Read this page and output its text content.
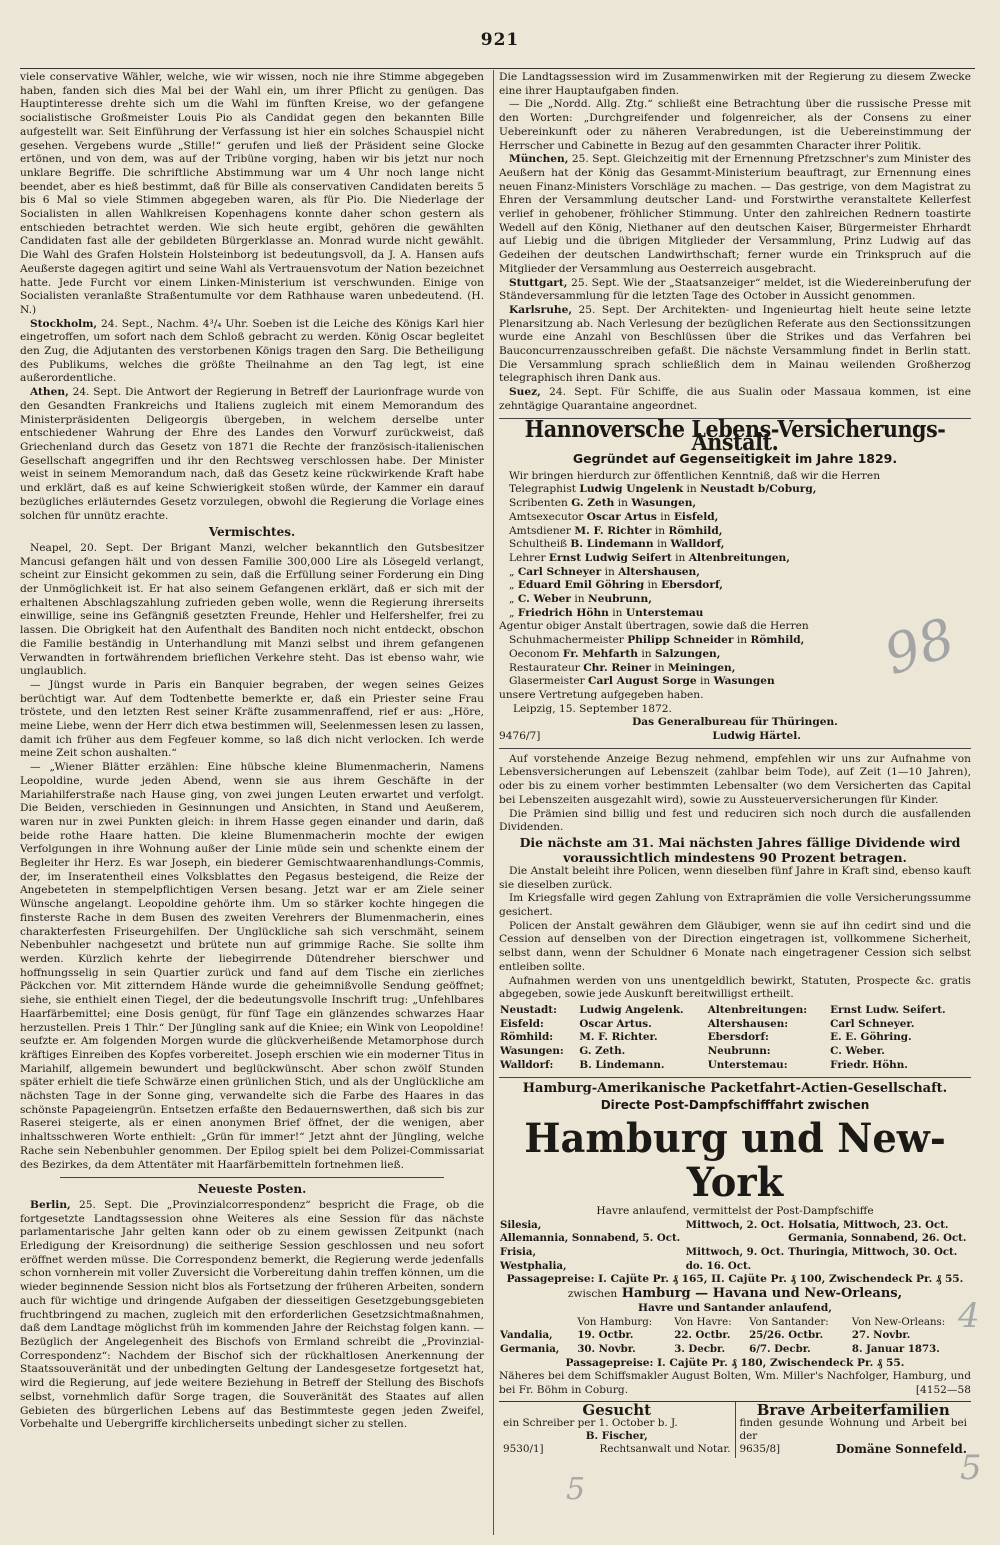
921

viele conservative Wähler, welche, wie wir wissen, noch nie ihre Stimme abgegeben haben, fanden sich dies Mal bei der Wahl ein, um ihrer Pflicht zu genügen. Das Hauptinteresse drehte sich um die Wahl im fünften Kreise, wo der gefangene socialistische Großmeister Louis Pio als Candidat gegen den bekannten Bille aufgestellt war. Seit Einführung der Verfassung ist hier ein solches Schauspiel nicht gesehen. Vergebens wurde „Stille!“ gerufen und ließ der Präsident seine Glocke ertönen, und von dem, was auf der Tribüne vorging, haben wir bis jetzt nur noch unklare Begriffe. Die schriftliche Abstimmung war um 4 Uhr noch lange nicht beendet, aber es hieß bestimmt, daß für Bille als conservativen Candidaten bereits 5 bis 6 Mal so viele Stimmen abgegeben waren, als für Pio. Die Niederlage der Socialisten in allen Wahlkreisen Kopenhagens konnte daher schon gestern als entschieden betrachtet werden. Wie sich heute ergibt, gehören die gewählten Candidaten fast alle der gebildeten Bürgerklasse an. Monrad wurde nicht gewählt. Die Wahl des Grafen Holstein Holsteinborg ist bedeutungsvoll, da J. A. Hansen aufs Aeußerste dagegen agitirt und seine Wahl als Vertrauensvotum der Nation bezeichnet hatte. Jede Furcht vor einem Linken-Ministerium ist verschwunden. Einige von Socialisten veranlaßte Straßentumulte vor dem Rathhause waren unbedeutend. (H. N.)

Stockholm, 24. Sept., Nachm. 4³/₄ Uhr. Soeben ist die Leiche des Königs Karl hier eingetroffen, um sofort nach dem Schloß gebracht zu werden. König Oscar begleitet den Zug, die Adjutanten des verstorbenen Königs tragen den Sarg. Die Betheiligung des Publikums, welches die größte Theilnahme an den Tag legt, ist eine außerordentliche.

Athen, 24. Sept. Die Antwort der Regierung in Betreff der Laurionfrage wurde von den Gesandten Frankreichs und Italiens zugleich mit einem Memorandum des Ministerpräsidenten Deligeorgis übergeben, in welchem derselbe unter entschiedener Wahrung der Ehre des Landes den Vorwurf zurückweist, daß Griechenland durch das Gesetz von 1871 die Rechte der französisch-italienischen Gesellschaft angegriffen und ihr den Rechtsweg verschlossen habe. Der Minister weist in seinem Memorandum nach, daß das Gesetz keine rückwirkende Kraft habe und erklärt, daß es auf keine Schwierigkeit stoßen würde, der Kammer ein darauf bezügliches erläuterndes Gesetz vorzulegen, obwohl die Regierung die Vorlage eines solchen für unnütz erachte.

Vermischtes.

Neapel, 20. Sept. Der Brigant Manzi, welcher bekanntlich den Gutsbesitzer Mancusi gefangen hält und von dessen Familie 300,000 Lire als Lösegeld verlangt, scheint zur Einsicht gekommen zu sein, daß die Erfüllung seiner Forderung ein Ding der Unmöglichkeit ist. Er hat also seinem Gefangenen erklärt, daß er sich mit der erhaltenen Abschlagszahlung zufrieden geben wolle, wenn die Regierung ihrerseits einwillige, seine ins Gefängniß gesetzten Freunde, Hehler und Helfershelfer, frei zu lassen. Die Obrigkeit hat den Aufenthalt des Banditen noch nicht entdeckt, obschon die Familie beständig in Unterhandlung mit Manzi selbst und ihrem gefangenen Verwandten in fortwährendem brieflichen Verkehre steht. Das ist ebenso wahr, wie unglaublich.

— Jüngst wurde in Paris ein Banquier begraben, der wegen seines Geizes berüchtigt war. Auf dem Todtenbette bemerkte er, daß ein Priester seine Frau tröstete, und den letzten Rest seiner Kräfte zusammenraffend, rief er aus: „Höre, meine Liebe, wenn der Herr dich etwa bestimmen will, Seelenmessen lesen zu lassen, damit ich früher aus dem Fegfeuer komme, so laß dich nicht verlocken. Ich werde meine Zeit schon aushalten.“

— „Wiener Blätter erzählen: Eine hübsche kleine Blumenmacherin, Namens Leopoldine, wurde jeden Abend, wenn sie aus ihrem Geschäfte in der Mariahilferstraße nach Hause ging, von zwei jungen Leuten erwartet und verfolgt. Die Beiden, verschieden in Gesinnungen und Ansichten, in Stand und Aeußerem, waren nur in zwei Punkten gleich: in ihrem Hasse gegen einander und darin, daß beide rothe Haare hatten. Die kleine Blumenmacherin mochte der ewigen Verfolgungen in ihre Wohnung außer der Linie müde sein und schenkte einem der Begleiter ihr Herz. Es war Joseph, ein biederer Gemischtwaarenhandlungs-Commis, der, im Inseratentheil eines Volksblattes den Pegasus besteigend, die Reize der Angebeteten in stempelpflichtigen Versen besang. Jetzt war er am Ziele seiner Wünsche angelangt. Leopoldine gehörte ihm. Um so stärker kochte hingegen die finsterste Rache in dem Busen des zweiten Verehrers der Blumenmacherin, eines charakterfesten Friseurgehilfen. Der Unglückliche sah sich verschmäht, seinem Nebenbuhler nachgesetzt und brütete nun auf grimmige Rache. Sie sollte ihm werden. Kürzlich kehrte der liebegirrende Dütendreher bierschwer und hoffnungsselig in sein Quartier zurück und fand auf dem Tische ein zierliches Päckchen vor. Mit zitterndem Hände wurde die geheimnißvolle Sendung geöffnet; siehe, sie enthielt einen Tiegel, der die bedeutungsvolle Inschrift trug: „Unfehlbares Haarfärbemittel; eine Dosis genügt, für fünf Tage ein glänzendes schwarzes Haar herzustellen. Preis 1 Thlr.“ Der Jüngling sank auf die Kniee; ein Wink von Leopoldine! seufzte er. Am folgenden Morgen wurde die glückverheißende Metamorphose durch kräftiges Einreiben des Kopfes vorbereitet. Joseph erschien wie ein moderner Titus in Mariahilf, allgemein bewundert und beglückwünscht. Aber schon zwölf Stunden später erhielt die tiefe Schwärze einen grünlichen Stich, und als der Unglückliche am nächsten Tage in der Sonne ging, verwandelte sich die Farbe des Haares in das schönste Papageiengrün. Entsetzen erfaßte den Bedauernswerthen, daß sich bis zur Raserei steigerte, als er einen anonymen Brief öffnet, der die wenigen, aber inhaltsschweren Worte enthielt: „Grün für immer!“ Jetzt ahnt der Jüngling, welche Rache sein Nebenbuhler genommen. Der Epilog spielt bei dem Polizei-Commissariat des Bezirkes, da dem Attentäter mit Haarfärbemitteln fortnehmen ließ.

Neueste Posten.

Berlin, 25. Sept. Die „Provinzialcorrespondenz“ bespricht die Frage, ob die fortgesetzte Landtagssession ohne Weiteres als eine Session für das nächste parlamentarische Jahr gelten kann oder ob zu einem gewissen Zeitpunkt (nach Erledigung der Kreisordnung) die seitherige Session geschlossen und neu sofort eröffnet werden müsse. Die Correspondenz bemerkt, die Regierung werde jedenfalls schon vornherein mit voller Zuversicht die Vorbereitung dahin treffen können, um die wieder beginnende Session nicht blos als Fortsetzung der früheren Arbeiten, sondern auch für wichtige und dringende Aufgaben der diesseitigen Gesetzgebungsgebieten fruchtbringend zu machen, zugleich mit den erforderlichen Gesetzsichtmaßnahmen, daß dem Landtage möglichst früh im kommenden Jahre der Reichstag folgen kann. — Bezüglich der Angelegenheit des Bischofs von Ermland schreibt die „Provinzial-Correspondenz“: Nachdem der Bischof sich der rückhaltlosen Anerkennung der Staatssouveränität und der unbedingten Geltung der Landesgesetze fortgesetzt hat, wird die Regierung, auf jede weitere Beziehung in Betreff der Stellung des Bischofs selbst, vornehmlich dafür Sorge tragen, die Souveränität des Staates auf allen Gebieten des bürgerlichen Lebens auf das Bestimmteste gegen jeden Zweifel, Vorbehalte und Uebergriffe kirchlicherseits unbedingt sicher zu stellen.

Die Landtagssession wird im Zusammenwirken mit der Regierung zu diesem Zwecke eine ihrer Hauptaufgaben finden.

— Die „Nordd. Allg. Ztg.“ schließt eine Betrachtung über die russische Presse mit den Worten: „Durchgreifender und folgenreicher, als der Consens zu einer Uebereinkunft oder zu näheren Verabredungen, ist die Uebereinstimmung der Herrscher und Cabinette in Bezug auf den gesammten Character ihrer Politik.

München, 25. Sept. Gleichzeitig mit der Ernennung Pfretzschner's zum Minister des Aeußern hat der König das Gesammt-Ministerium beauftragt, zur Ernennung eines neuen Finanz-Ministers Vorschläge zu machen. — Das gestrige, von dem Magistrat zu Ehren der Versammlung deutscher Land- und Forstwirthe veranstaltete Kellerfest verlief in gehobener, fröhlicher Stimmung. Unter den zahlreichen Rednern toastirte Wedell auf den König, Niethaner auf den deutschen Kaiser, Bürgermeister Ehrhardt auf Liebig und die übrigen Mitglieder der Versammlung, Prinz Ludwig auf das Gedeihen der deutschen Landwirthschaft; ferner wurde ein Trinkspruch auf die Mitglieder der Versammlung aus Oesterreich ausgebracht.

Stuttgart, 25. Sept. Wie der „Staatsanzeiger“ meldet, ist die Wiedereinberufung der Ständeversammlung für die letzten Tage des October in Aussicht genommen.

Karlsruhe, 25. Sept. Der Architekten- und Ingenieurtag hielt heute seine letzte Plenarsitzung ab. Nach Verlesung der bezüglichen Referate aus den Sectionssitzungen wurde eine Anzahl von Beschlüssen über die Strikes und das Verfahren bei Bauconcurrenzausschreiben gefaßt. Die nächste Versammlung findet in Berlin statt. Die Versammlung sprach schließlich dem in Mainau weilenden Großherzog telegraphisch ihren Dank aus.

Suez, 24. Sept. Für Schiffe, die aus Sualin oder Massaua kommen, ist eine zehntägige Quarantaine angeordnet.

Hannoversche Lebens-Versicherungs-Anstalt.
Gegründet auf Gegenseitigkeit im Jahre 1829.

Wir bringen hierdurch zur öffentlichen Kenntniß, daß wir die Herren

Telegraphist Ludwig Ungelenk in Neustadt b/Coburg,
Scribenten G. Zeth in Wasungen,
Amtsexecutor Oscar Artus in Eisfeld,
Amtsdiener M. F. Richter in Römhild,
Schultheiß B. Lindemann in Walldorf,
Lehrer Ernst Ludwig Seifert in Altenbreitungen,
„ Carl Schneyer in Altershausen,
„ Eduard Emil Göhring in Ebersdorf,
„ C. Weber in Neubrunn,
„ Friedrich Höhn in Unterstemau

Agentur obiger Anstalt übertragen, sowie daß die Herren

Schuhmachermeister Philipp Schneider in Römhild,
Oeconom Fr. Mehfarth in Salzungen,
Restaurateur Chr. Reiner in Meiningen,
Glasermeister Carl August Sorge in Wasungen

unsere Vertretung aufgegeben haben.

Leipzig, 15. September 1872.
Das Generalbureau für Thüringen.
9476/7]	Ludwig Härtel.

Auf vorstehende Anzeige Bezug nehmend, empfehlen wir uns zur Aufnahme von Lebensversicherungen auf Lebenszeit (zahlbar beim Tode), auf Zeit (1—10 Jahren), oder bis zu einem vorher bestimmten Lebensalter (wo dem Versicherten das Capital bei Lebenszeiten ausgezahlt wird), sowie zu Aussteuerversicherungen für Kinder.

Die Prämien sind billig und fest und reduciren sich noch durch die ausfallenden Dividenden.

Die nächste am 31. Mai nächsten Jahres fällige Dividende wird voraussichtlich mindestens 90 Prozent betragen.

Die Anstalt beleiht ihre Policen, wenn dieselben fünf Jahre in Kraft sind, ebenso kauft sie dieselben zurück.

Im Kriegsfalle wird gegen Zahlung von Extraprämien die volle Versicherungssumme gesichert.

Policen der Anstalt gewähren dem Gläubiger, wenn sie auf ihn cedirt sind und die Cession auf denselben von der Direction eingetragen ist, vollkommene Sicherheit, selbst dann, wenn der Schuldner 6 Monate nach eingetragener Cession sich selbst entleiben sollte.

Aufnahmen werden von uns unentgeldlich bewirkt, Statuten, Prospecte &c. gratis abgegeben, sowie jede Auskunft bereitwilligst ertheilt.

Neustadt:	Ludwig Angelenk.	Altenbreitungen:	Ernst Ludw. Seifert.
Eisfeld:	Oscar Artus.	Altershausen:	Carl Schneyer.
Römhild:	M. F. Richter.	Ebersdorf:	E. E. Göhring.
Wasungen:	G. Zeth.	Neubrunn:	C. Weber.
Walldorf:	B. Lindemann.	Unterstemau:	Friedr. Höhn.
Hamburg-Amerikanische Packetfahrt-Actien-Gesellschaft.
Directe Post-Dampfschifffahrt zwischen
Hamburg und New-York
Havre anlaufend, vermittelst der Post-Dampfschiffe
Silesia,	Mittwoch, 2. Oct.	Holsatia, Mittwoch, 23. Oct.
Allemannia, Sonnabend, 5. Oct.		Germania, Sonnabend, 26. Oct.
Frisia,	Mittwoch, 9. Oct.	Thuringia, Mittwoch, 30. Oct.
Westphalia,	do. 16. Oct.	
Passagepreise: I. Cajüte Pr. ₰ 165, II. Cajüte Pr. ₰ 100, Zwischendeck Pr. ₰ 55.
zwischen Hamburg — Havana und New-Orleans,
Havre und Santander anlaufend,
	Von Hamburg:	Von Havre:	Von Santander:	Von New-Orleans:
Vandalia,	19. Octbr.	22. Octbr.	25/26. Octbr.	27. Novbr.
Germania,	30. Novbr.	3. Decbr.	6/7. Decbr.	8. Januar 1873.
Passagepreise: I. Cajüte Pr. ₰ 180, Zwischendeck Pr. ₰ 55.
Näheres bei dem Schiffsmakler August Bolten, Wm. Miller's Nachfolger, Hamburg, und bei Fr. Böhm in Coburg.	[4152—58
Gesucht
ein Schreiber per 1. October b. J.
B. Fischer,
9530/1]	Rechtsanwalt und Notar.
Brave Arbeiterfamilien
finden gesunde Wohnung und Arbeit bei der
9635/8]	Domäne Sonnefeld.
98
4
5
5
